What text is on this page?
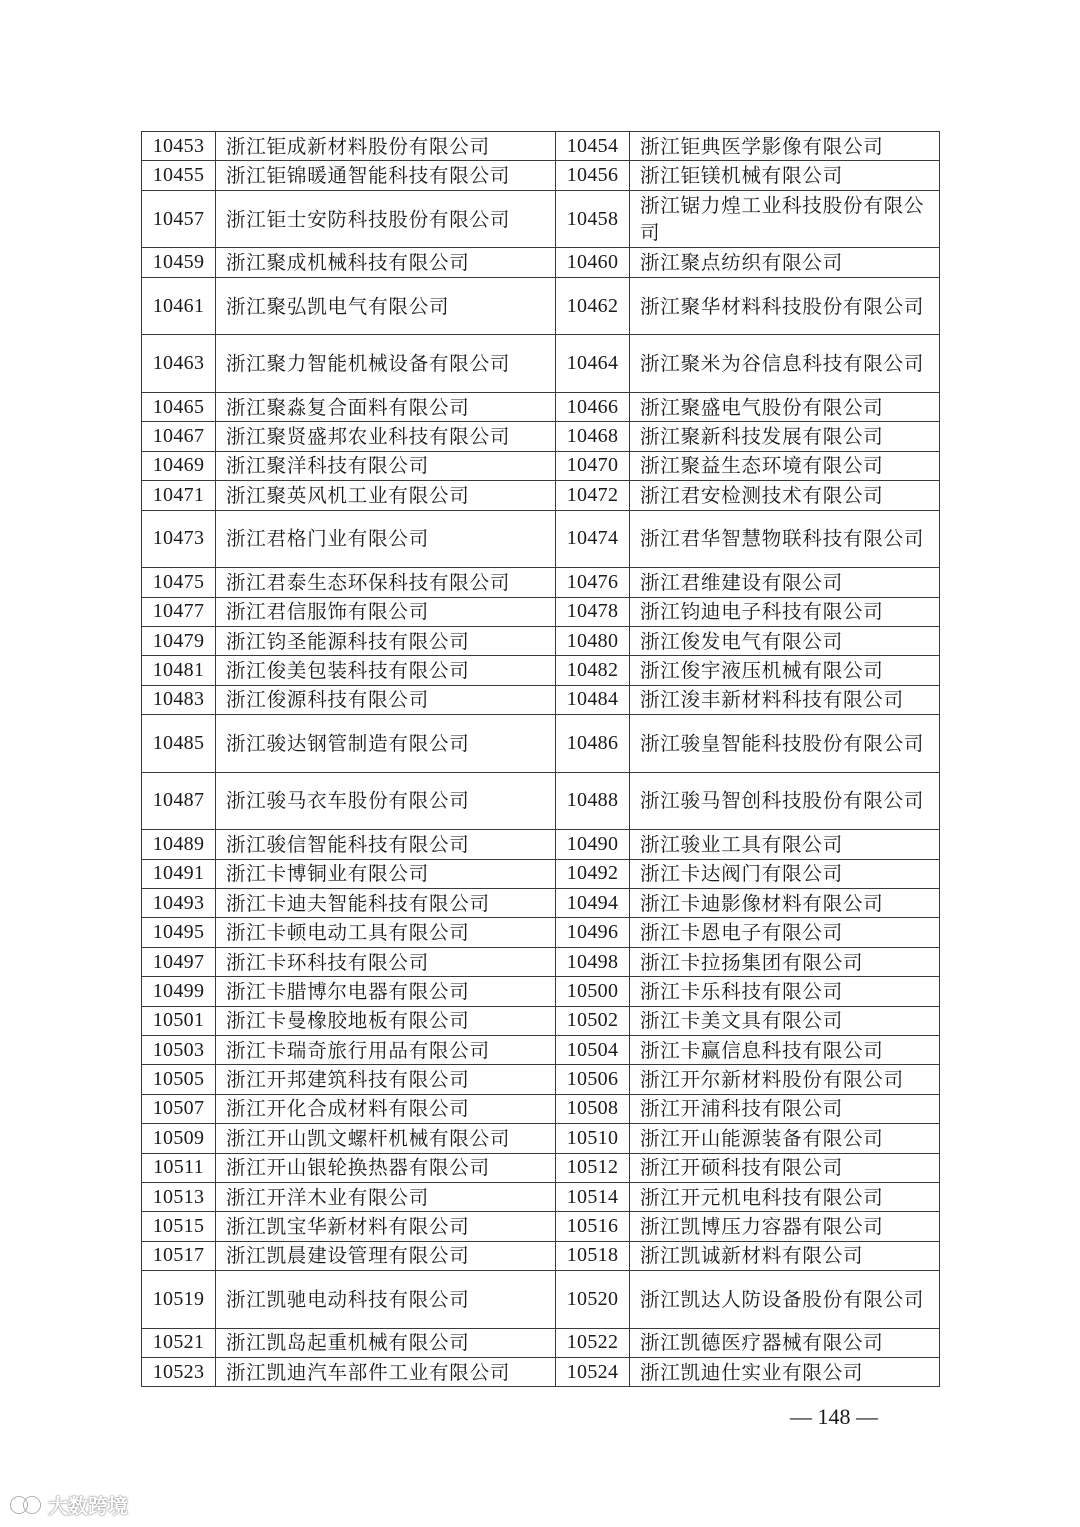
10453	浙江钜成新材料股份有限公司	10454	浙江钜典医学影像有限公司
10455	浙江钜锦暖通智能科技有限公司	10456	浙江钜镁机械有限公司
10457	浙江钜士安防科技股份有限公司	10458	浙江锯力煌工业科技股份有限公司
10459	浙江聚成机械科技有限公司	10460	浙江聚点纺织有限公司
10461	浙江聚弘凯电气有限公司	10462	浙江聚华材料科技股份有限公司
10463	浙江聚力智能机械设备有限公司	10464	浙江聚米为谷信息科技有限公司
10465	浙江聚淼复合面料有限公司	10466	浙江聚盛电气股份有限公司
10467	浙江聚贤盛邦农业科技有限公司	10468	浙江聚新科技发展有限公司
10469	浙江聚洋科技有限公司	10470	浙江聚益生态环境有限公司
10471	浙江聚英风机工业有限公司	10472	浙江君安检测技术有限公司
10473	浙江君格门业有限公司	10474	浙江君华智慧物联科技有限公司
10475	浙江君泰生态环保科技有限公司	10476	浙江君维建设有限公司
10477	浙江君信服饰有限公司	10478	浙江钧迪电子科技有限公司
10479	浙江钧圣能源科技有限公司	10480	浙江俊发电气有限公司
10481	浙江俊美包装科技有限公司	10482	浙江俊宇液压机械有限公司
10483	浙江俊源科技有限公司	10484	浙江浚丰新材料科技有限公司
10485	浙江骏达钢管制造有限公司	10486	浙江骏皇智能科技股份有限公司
10487	浙江骏马衣车股份有限公司	10488	浙江骏马智创科技股份有限公司
10489	浙江骏信智能科技有限公司	10490	浙江骏业工具有限公司
10491	浙江卡博铜业有限公司	10492	浙江卡达阀门有限公司
10493	浙江卡迪夫智能科技有限公司	10494	浙江卡迪影像材料有限公司
10495	浙江卡顿电动工具有限公司	10496	浙江卡恩电子有限公司
10497	浙江卡环科技有限公司	10498	浙江卡拉扬集团有限公司
10499	浙江卡腊博尔电器有限公司	10500	浙江卡乐科技有限公司
10501	浙江卡曼橡胶地板有限公司	10502	浙江卡美文具有限公司
10503	浙江卡瑞奇旅行用品有限公司	10504	浙江卡赢信息科技有限公司
10505	浙江开邦建筑科技有限公司	10506	浙江开尔新材料股份有限公司
10507	浙江开化合成材料有限公司	10508	浙江开浦科技有限公司
10509	浙江开山凯文螺杆机械有限公司	10510	浙江开山能源装备有限公司
10511	浙江开山银轮换热器有限公司	10512	浙江开硕科技有限公司
10513	浙江开洋木业有限公司	10514	浙江开元机电科技有限公司
10515	浙江凯宝华新材料有限公司	10516	浙江凯博压力容器有限公司
10517	浙江凯晨建设管理有限公司	10518	浙江凯诚新材料有限公司
10519	浙江凯驰电动科技有限公司	10520	浙江凯达人防设备股份有限公司
10521	浙江凯岛起重机械有限公司	10522	浙江凯德医疗器械有限公司
10523	浙江凯迪汽车部件工业有限公司	10524	浙江凯迪仕实业有限公司
— 148 —
大数跨境
